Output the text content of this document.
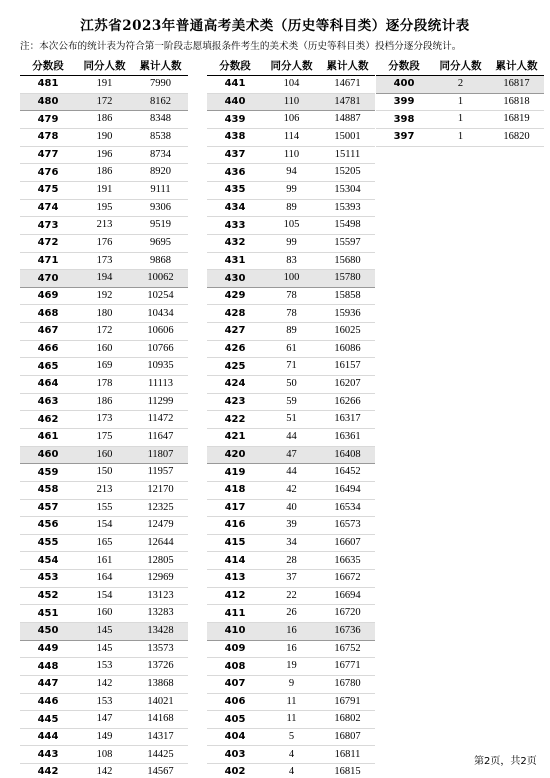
江苏省2023年普通高考美术类（历史等科目类）逐分段统计表
注：本次公布的统计表为符合第一阶段志愿填报条件考生的美术类（历史等科目类）投档分逐分段统计。
分数段	同分人数	累计人数
481	191	7990
480	172	8162
479	186	8348
478	190	8538
477	196	8734
476	186	8920
475	191	9111
474	195	9306
473	213	9519
472	176	9695
471	173	9868
470	194	10062
469	192	10254
468	180	10434
467	172	10606
466	160	10766
465	169	10935
464	178	11113
463	186	11299
462	173	11472
461	175	11647
460	160	11807
459	150	11957
458	213	12170
457	155	12325
456	154	12479
455	165	12644
454	161	12805
453	164	12969
452	154	13123
451	160	13283
450	145	13428
449	145	13573
448	153	13726
447	142	13868
446	153	14021
445	147	14168
444	149	14317
443	108	14425
442	142	14567
分数段	同分人数	累计人数
441	104	14671
440	110	14781
439	106	14887
438	114	15001
437	110	15111
436	94	15205
435	99	15304
434	89	15393
433	105	15498
432	99	15597
431	83	15680
430	100	15780
429	78	15858
428	78	15936
427	89	16025
426	61	16086
425	71	16157
424	50	16207
423	59	16266
422	51	16317
421	44	16361
420	47	16408
419	44	16452
418	42	16494
417	40	16534
416	39	16573
415	34	16607
414	28	16635
413	37	16672
412	22	16694
411	26	16720
410	16	16736
409	16	16752
408	19	16771
407	9	16780
406	11	16791
405	11	16802
404	5	16807
403	4	16811
402	4	16815
分数段	同分人数	累计人数
400	2	16817
399	1	16818
398	1	16819
397	1	16820
第2页，共2页
